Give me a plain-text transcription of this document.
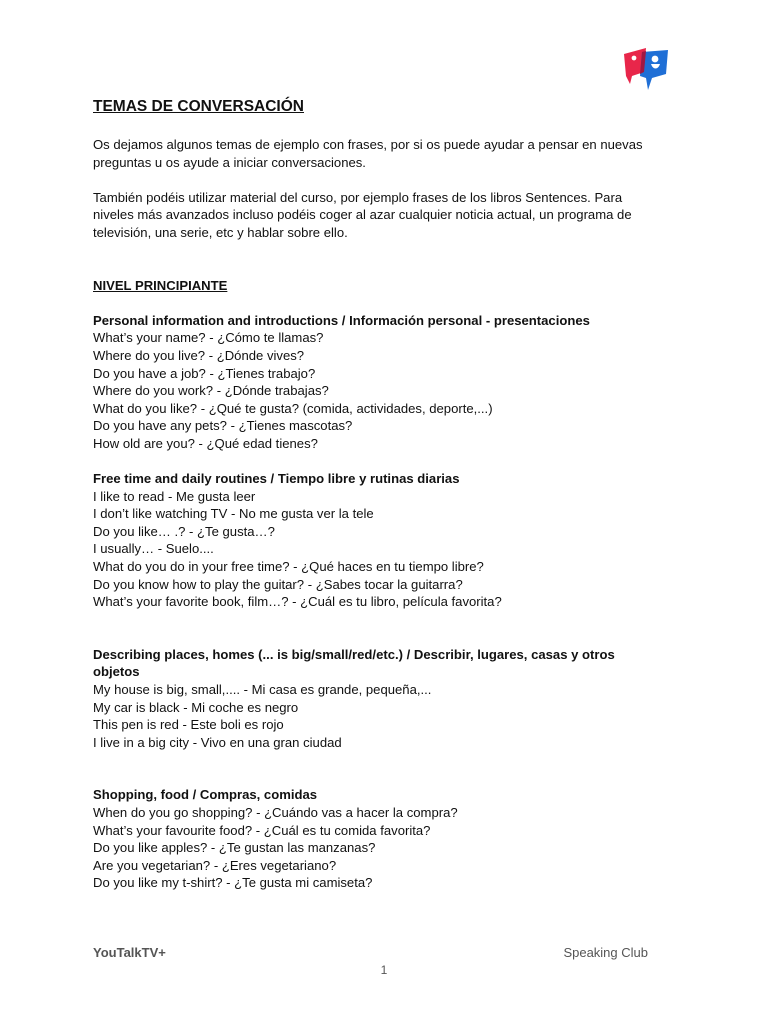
TEMAS DE CONVERSACIÓN

Os dejamos algunos temas de ejemplo con frases, por si os puede ayudar a pensar en nuevas preguntas u os ayude a iniciar conversaciones.

También podéis utilizar material del curso, por ejemplo frases de los libros Sentences. Para niveles más avanzados incluso podéis coger al azar cualquier noticia actual, un programa de televisión, una serie, etc y hablar sobre ello.

NIVEL PRINCIPIANTE
Personal information and introductions / Información personal - presentaciones
What’s your name? - ¿Cómo te llamas?
Where do you live? - ¿Dónde vives?
Do you have a job? - ¿Tienes trabajo?
Where do you work? - ¿Dónde trabajas?
What do you like? - ¿Qué te gusta? (comida, actividades, deporte,...)
Do you have any pets? - ¿Tienes mascotas?
How old are you? - ¿Qué edad tienes?
Free time and daily routines / Tiempo libre y rutinas diarias
I like to read - Me gusta leer
I don’t like watching TV - No me gusta ver la tele
Do you like… .? - ¿Te gusta…?
I usually… - Suelo....
What do you do in your free time? - ¿Qué haces en tu tiempo libre?
Do you know how to play the guitar? - ¿Sabes tocar la guitarra?
What’s your favorite book, film…? - ¿Cuál es tu libro, película favorita?
Describing places, homes (... is big/small/red/etc.) / Describir, lugares, casas y otros objetos
My house is big, small,.... - Mi casa es grande, pequeña,...
My car is black - Mi coche es negro
This pen is red - Este boli es rojo
I live in a big city - Vivo en una gran ciudad
Shopping, food / Compras, comidas
When do you go shopping? - ¿Cuándo vas a hacer la compra?
What’s your favourite food? - ¿Cuál es tu comida favorita?
Do you like apples? - ¿Te gustan las manzanas?
Are you vegetarian? - ¿Eres vegetariano?
Do you like my t-shirt? - ¿Te gusta mi camiseta?
YouTalkTV+	Speaking Club
1
